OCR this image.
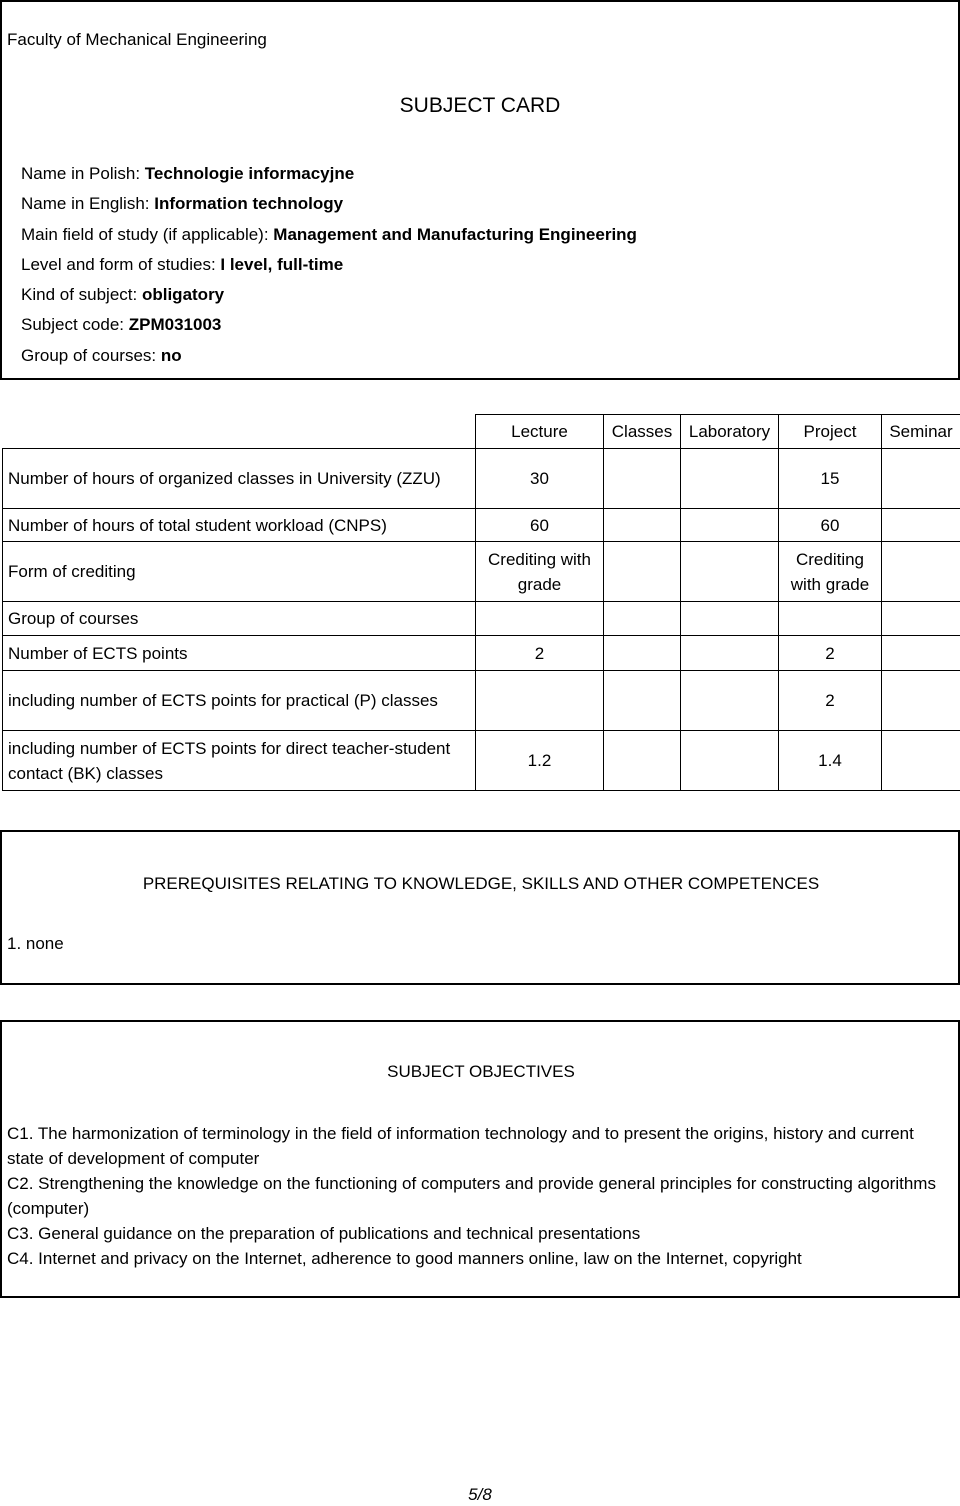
Faculty of Mechanical Engineering
SUBJECT CARD
Name in Polish: Technologie informacyjne
Name in English: Information technology
Main field of study (if applicable): Management and Manufacturing Engineering
Level and form of studies: I level, full-time
Kind of subject: obligatory
Subject code: ZPM031003
Group of courses: no
	Lecture	Classes	Laboratory	Project	Seminar
Number of hours of organized classes in University (ZZU)	30			15	
Number of hours of total student workload (CNPS)	60			60	
Form of crediting	Crediting with grade			Crediting with grade	
Group of courses					
Number of ECTS points	2			2	
including number of ECTS points for practical (P) classes				2	
including number of ECTS points for direct teacher-student contact (BK) classes	1.2			1.4	
PREREQUISITES RELATING TO KNOWLEDGE, SKILLS AND OTHER COMPETENCES
1. none
SUBJECT OBJECTIVES
C1. The harmonization of terminology in the field of information technology and to present the origins, history and current state of development of computer
C2. Strengthening the knowledge on the functioning of computers and provide general principles for constructing algorithms (computer)
C3. General guidance on the preparation of publications and technical presentations
C4. Internet and privacy on the Internet, adherence to good manners online, law on the Internet, copyright
5/8
